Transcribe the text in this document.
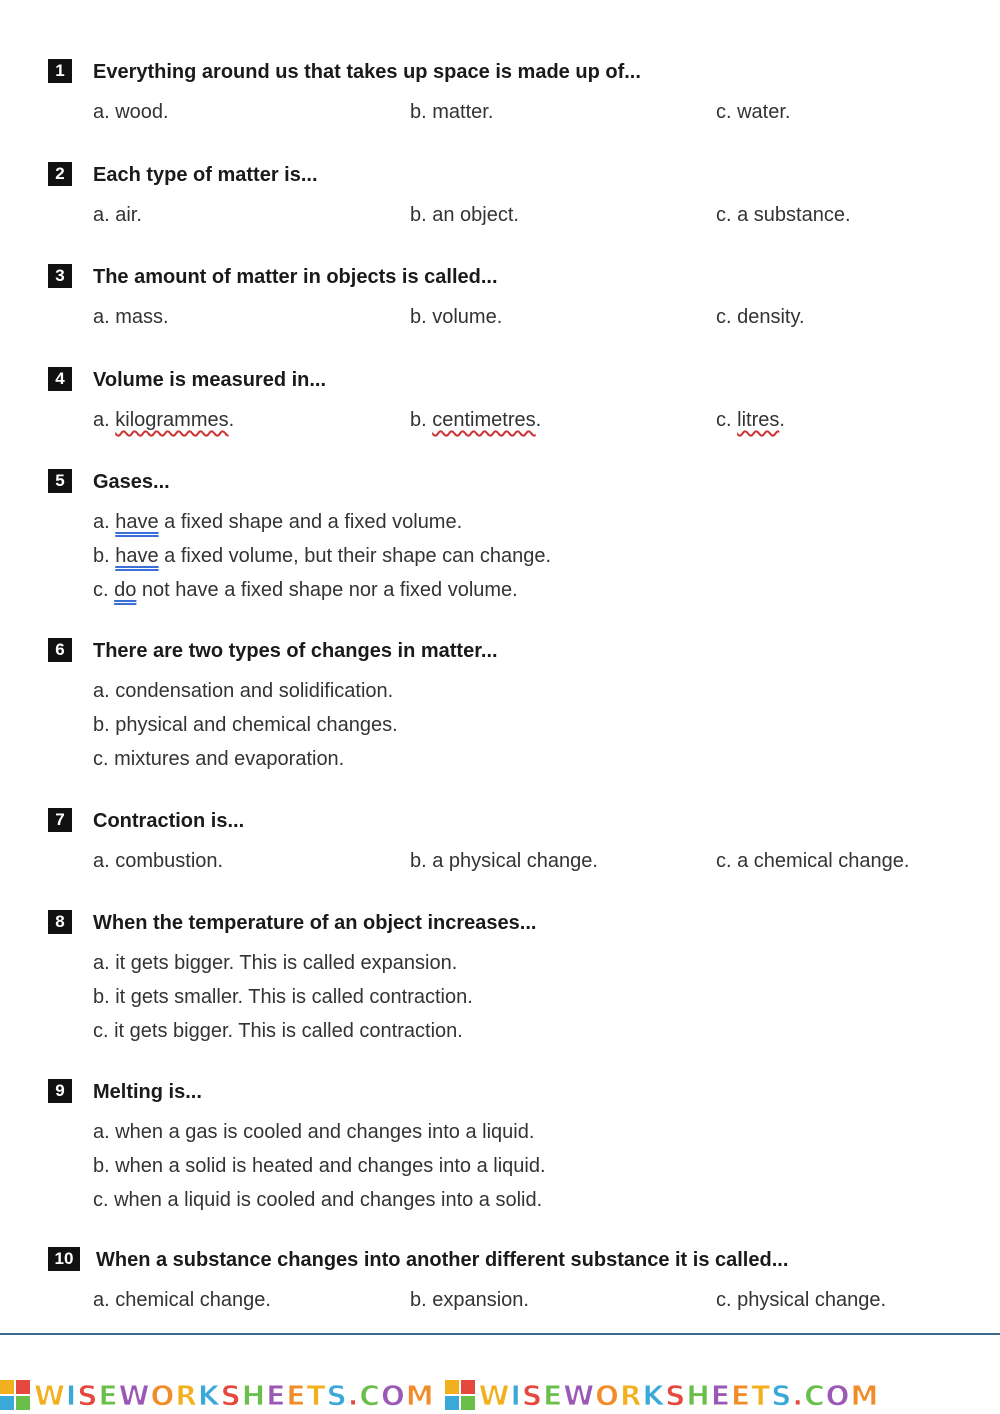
1	Everything around us that takes up space is made up of...
a. wood.	b. matter.	c. water.
2	Each type of matter is...
a. air.	b. an object.	c. a substance.
3	The amount of matter in objects is called...
a. mass.	b. volume.	c. density.
4	Volume is measured in...
a. kilogrammes.	b. centimetres.	c. litres.
5	Gases...
a. have a fixed shape and a fixed volume.
b. have a fixed volume, but their shape can change.
c. do not have a fixed shape nor a fixed volume.
6	There are two types of changes in matter...
a. condensation and solidification.
b. physical and chemical changes.
c. mixtures and evaporation.
7	Contraction is...
a. combustion.	b. a physical change.	c. a chemical change.
8	When the temperature of an object increases...
a. it gets bigger. This is called expansion.
b. it gets smaller. This is called contraction.
c. it gets bigger. This is called contraction.
9	Melting is...
a. when a gas is cooled and changes into a liquid.
b. when a solid is heated and changes into a liquid.
c. when a liquid is cooled and changes into a solid.
10	When a substance changes into another different substance it is called...
a. chemical change.	b. expansion.	c. physical change.
WISEWORKSHEETS.COM WISEWORKSHEETS.COM
